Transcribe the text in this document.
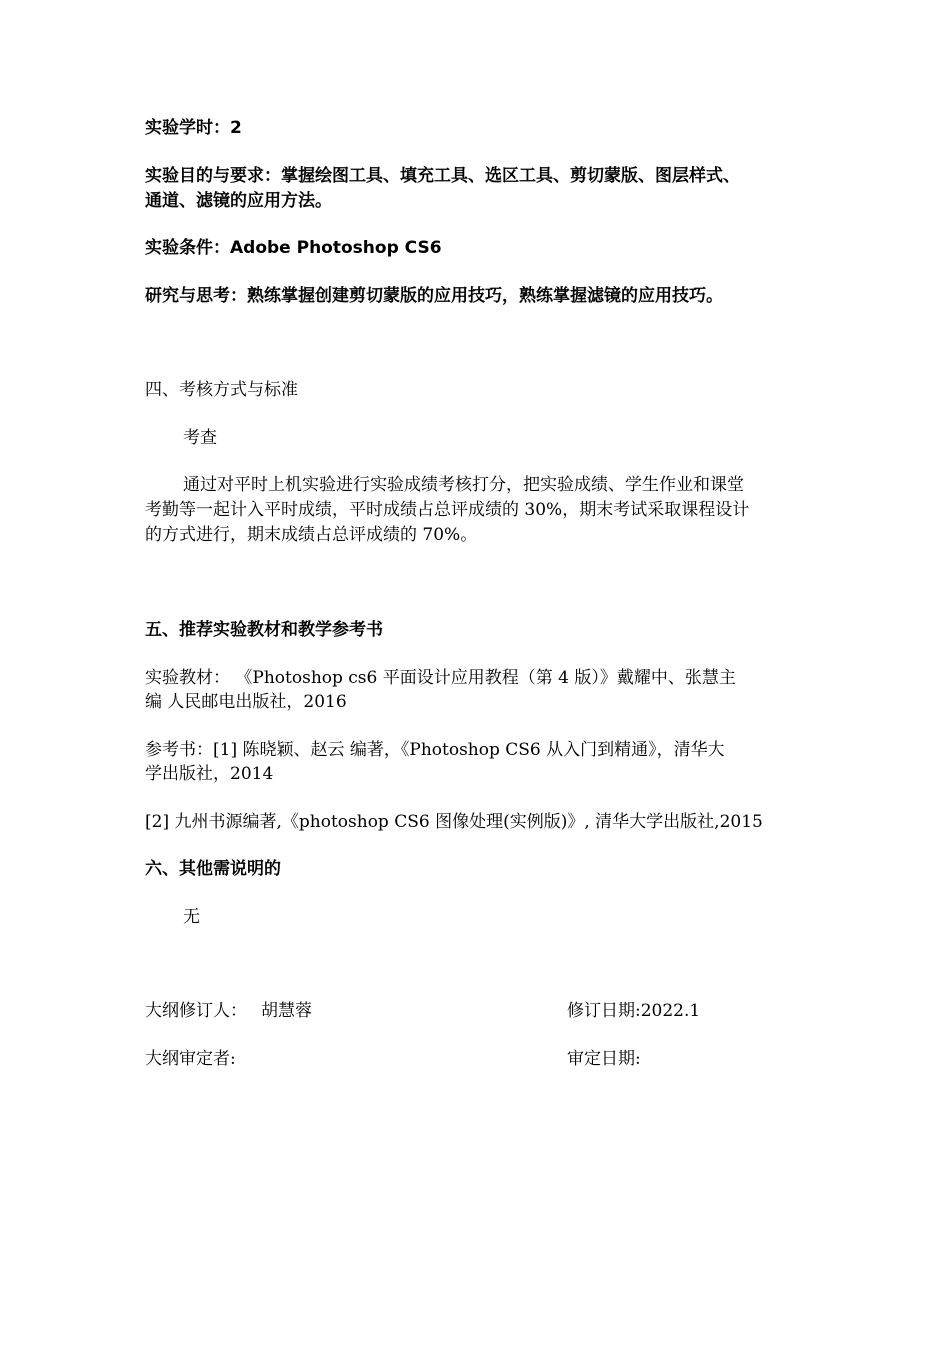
实验学时：2
实验目的与要求：掌握绘图工具、填充工具、选区工具、剪切蒙版、图层样式、
通道、滤镜的应用方法。
实验条件：Adobe Photoshop CS6
研究与思考：熟练掌握创建剪切蒙版的应用技巧，熟练掌握滤镜的应用技巧。
四、考核方式与标准
考查
通过对平时上机实验进行实验成绩考核打分，把实验成绩、学生作业和课堂
考勤等一起计入平时成绩，平时成绩占总评成绩的 30%，期末考试采取课程设计
的方式进行，期末成绩占总评成绩的 70%。
五、推荐实验教材和教学参考书
实验教材： 《Photoshop cs6 平面设计应用教程（第 4 版）》戴耀中、张慧主
编 人民邮电出版社，2016
参考书：[1] 陈晓颖、赵云 编著，《Photoshop CS6 从入门到精通》，清华大
学出版社，2014
[2] 九州书源编著,《photoshop CS6 图像处理(实例版)》, 清华大学出版社,2015
六、其他需说明的
无
大纲修订人： 胡慧蓉	修订日期:2022.1
大纲审定者:	审定日期:
